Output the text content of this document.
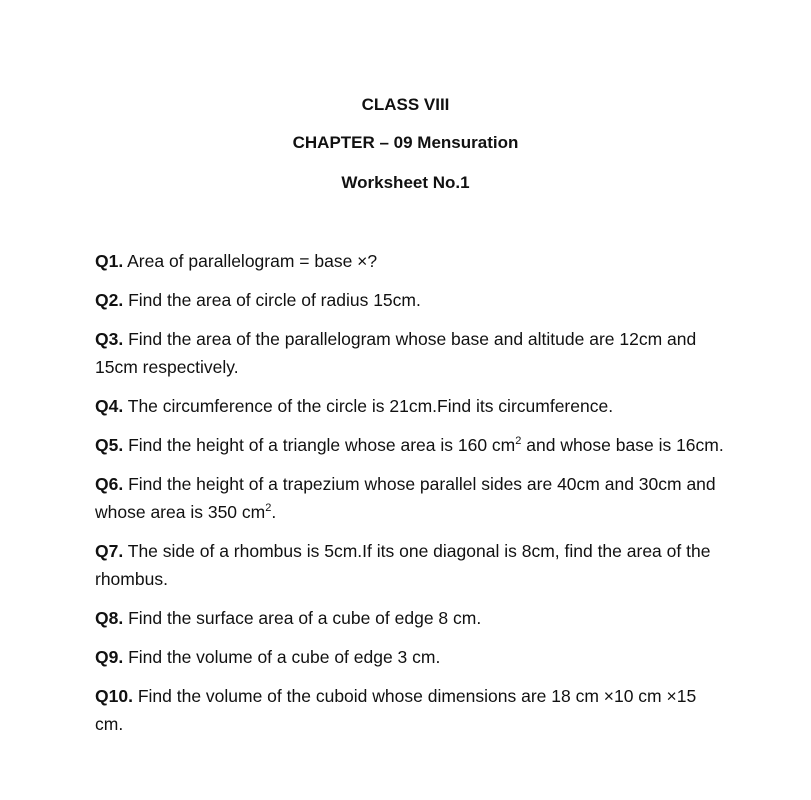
CLASS VIII
CHAPTER – 09 Mensuration
Worksheet No.1

Q1. Area of parallelogram = base ×?

Q2. Find the area of circle of radius 15cm.

Q3. Find the area of the parallelogram whose base and altitude are 12cm and 15cm respectively.

Q4. The circumference of the circle is 21cm.Find its circumference.

Q5. Find the height of a triangle whose area is 160 $cm^2$ and whose base is 16cm.

Q6. Find the height of a trapezium whose parallel sides are 40cm and 30cm and whose area is 350 $cm^2$.

Q7. The side of a rhombus is 5cm.If its one diagonal is 8cm, find the area of the rhombus.

Q8. Find the surface area of a cube of edge 8 cm.

Q9. Find the volume of a cube of edge 3 cm.

Q10. Find the volume of the cuboid whose dimensions are 18 cm ×10 cm ×15 cm.
